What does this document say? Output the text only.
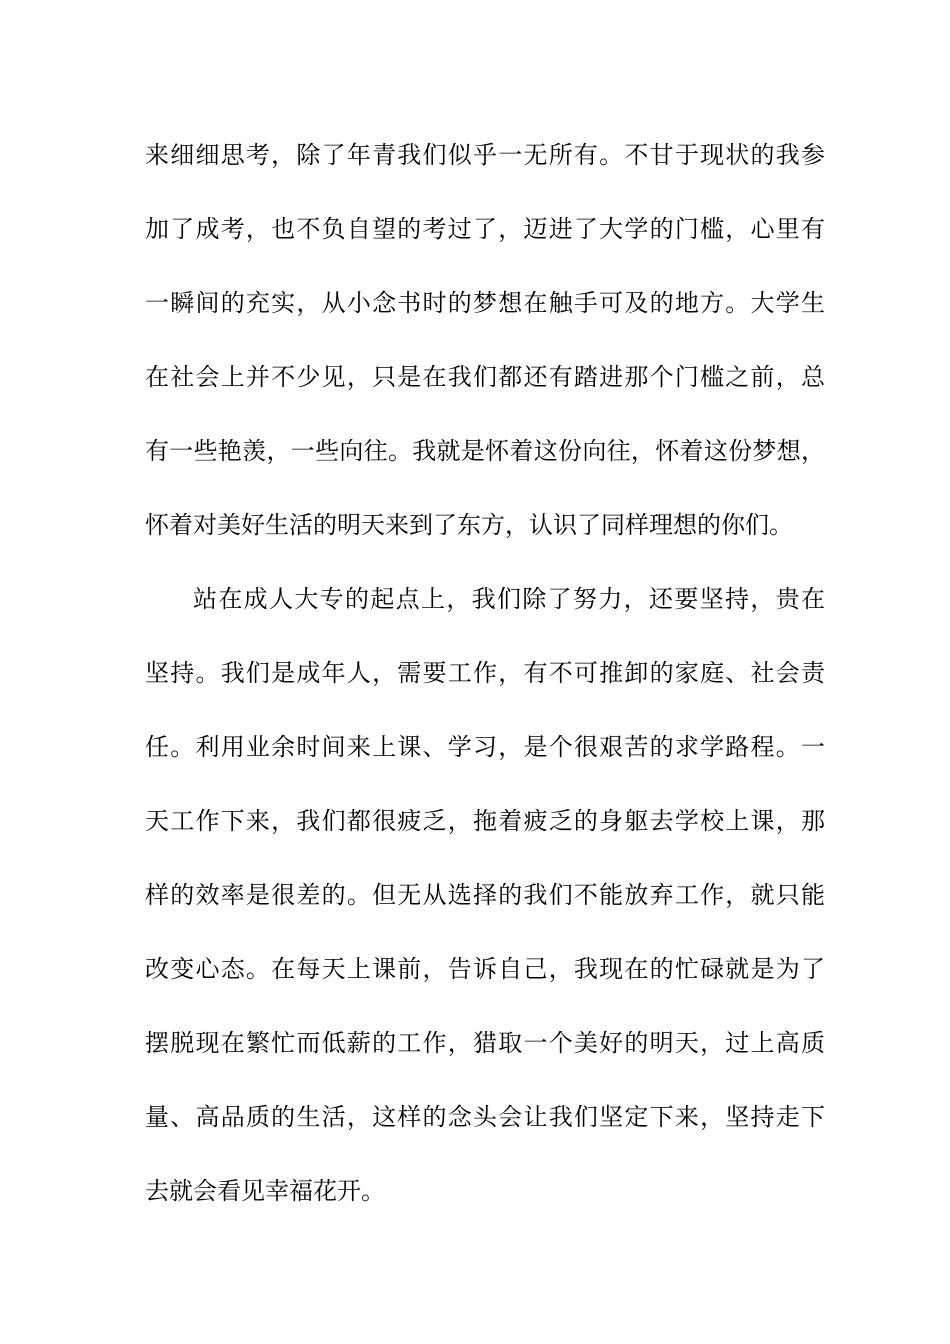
来细细思考，除了年青我们似乎一无所有。不甘于现状的我参
加了成考，也不负自望的考过了，迈进了大学的门槛，心里有
一瞬间的充实，从小念书时的梦想在触手可及的地方。大学生
在社会上并不少见，只是在我们都还有踏进那个门槛之前，总
有一些艳羡，一些向往。我就是怀着这份向往，怀着这份梦想，
怀着对美好生活的明天来到了东方，认识了同样理想的你们。
站在成人大专的起点上，我们除了努力，还要坚持，贵在
坚持。我们是成年人，需要工作，有不可推卸的家庭、社会责
任。利用业余时间来上课、学习，是个很艰苦的求学路程。一
天工作下来，我们都很疲乏，拖着疲乏的身躯去学校上课，那
样的效率是很差的。但无从选择的我们不能放弃工作，就只能
改变心态。在每天上课前，告诉自己，我现在的忙碌就是为了
摆脱现在繁忙而低薪的工作，猎取一个美好的明天，过上高质
量、高品质的生活，这样的念头会让我们坚定下来，坚持走下
去就会看见幸福花开。
